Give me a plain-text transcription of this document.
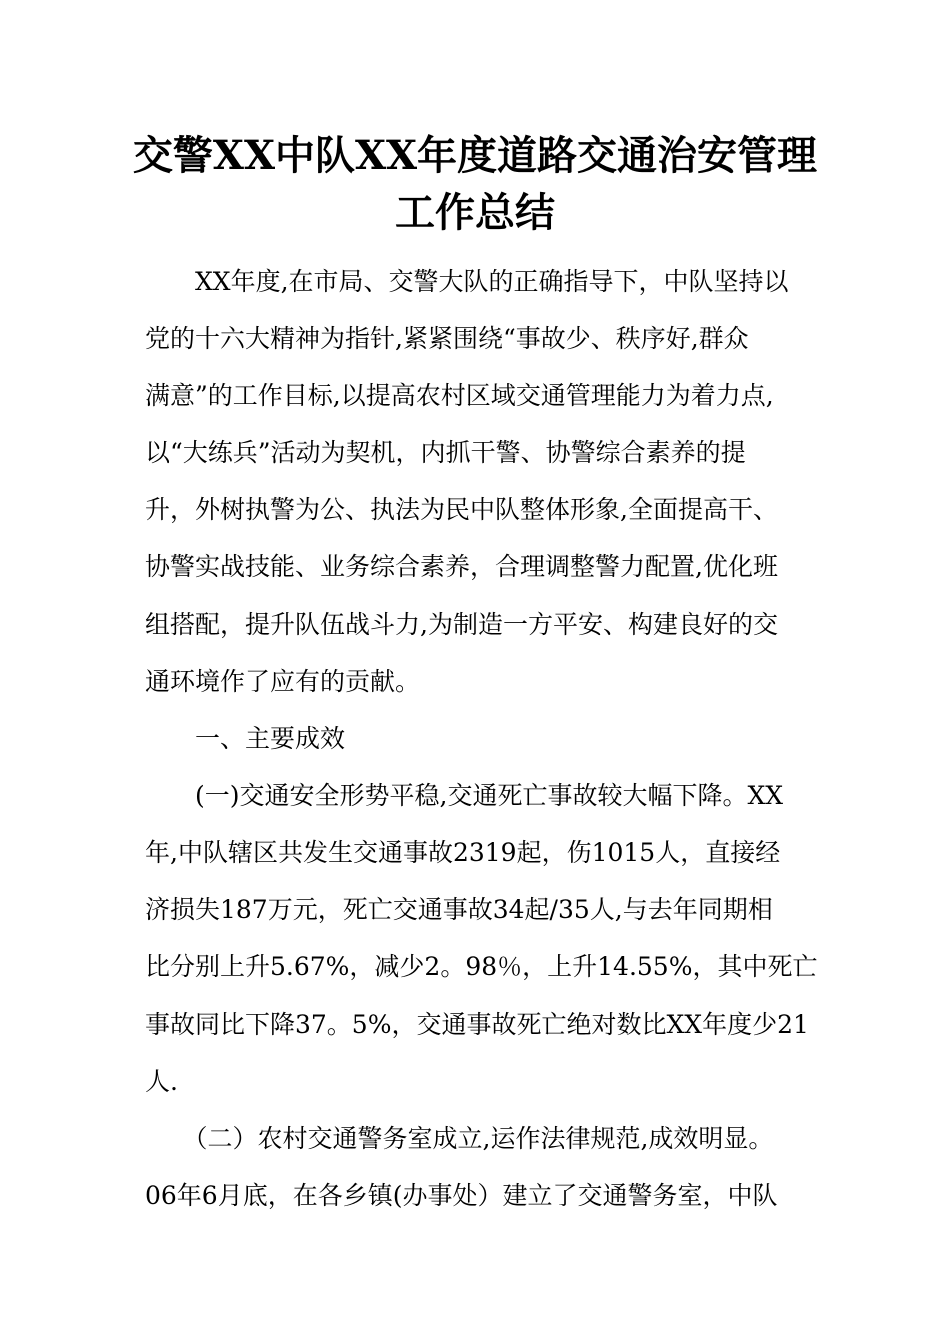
交警XX中队XX年度道路交通治安管理
工作总结
　　XX年度,在市局、交警大队的正确指导下，中队坚持以
党的十六大精神为指针,紧紧围绕“事故少、秩序好,群众
满意”的工作目标,以提高农村区域交通管理能力为着力点,
以“大练兵”活动为契机，内抓干警、协警综合素养的提
升，外树执警为公、执法为民中队整体形象,全面提高干、
协警实战技能、业务综合素养，合理调整警力配置,优化班
组搭配，提升队伍战斗力,为制造一方平安、构建良好的交
通环境作了应有的贡献。
　　一、主要成效
　　(一)交通安全形势平稳,交通死亡事故较大幅下降。XX
年,中队辖区共发生交通事故2319起，伤1015人，直接经
济损失187万元，死亡交通事故34起/35人,与去年同期相
比分别上升5.67%，减少2。98％，上升14.55%，其中死亡
事故同比下降37。5%，交通事故死亡绝对数比XX年度少21
人.
　　（二）农村交通警务室成立,运作法律规范,成效明显。
06年6月底，在各乡镇(办事处）建立了交通警务室，中队
